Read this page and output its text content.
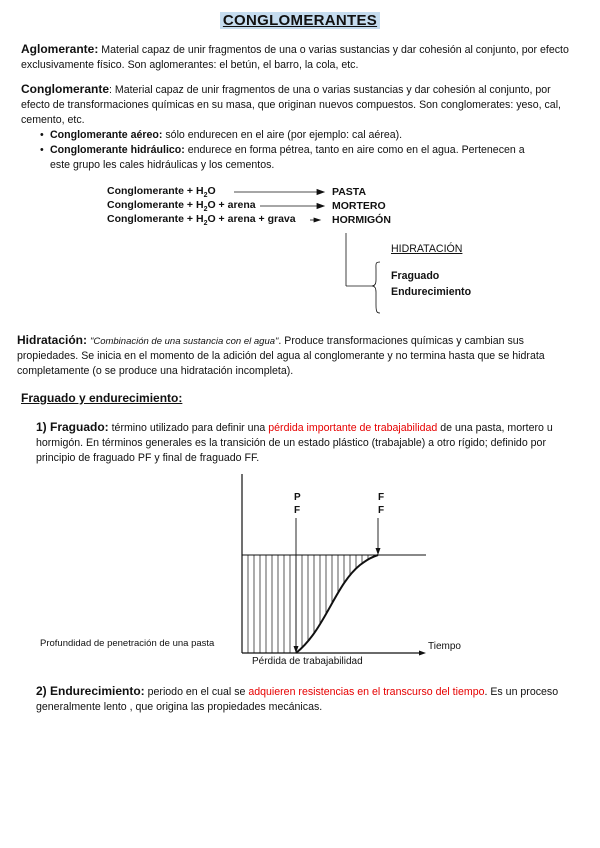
CONGLOMERANTES
Aglomerante: Material capaz de unir fragmentos de una o varias sustancias y dar cohesión al conjunto, por efecto exclusivamente físico. Son aglomerantes: el betún, el barro, la cola, etc.
Conglomerante: Material capaz de unir fragmentos de una o varias sustancias y dar cohesión al conjunto, por efecto de transformaciones químicas en su masa, que originan nuevos compuestos. Son conglomerates: yeso, cal, cemento, etc.
• Conglomerante aéreo: sólo endurecen en el aire (por ejemplo: cal aérea).
• Conglomerante hidráulico: endurece en forma pétrea, tanto en aire como en el agua. Pertenecen a
este grupo les cales hidráulicas y los cementos.
Conglomerante + $H_2O$
Conglomerante + $H_2O$ + arena
Conglomerante + $H_2O$ + arena + grava
PASTA
MORTERO
HORMIGÓN
HIDRATACIÓN
Fraguado
Endurecimiento
Hidratación: "Combinación de una sustancia con el agua". Produce transformaciones químicas y cambian sus propiedades. Se inicia en el momento de la adición del agua al conglomerante y no termina hasta que se hidrata completamente (o se produce una hidratación incompleta).
Fraguado y endurecimiento:
1) Fraguado: término utilizado para definir una pérdida importante de trabajabilidad de una pasta, mortero u hormigón. En términos generales es la transición de un estado plástico (trabajable) a otro rígido; definido por principio de fraguado PF y final de fraguado FF.
P
F
F
F
Profundidad de penetración de una pasta	Tiempo
Pérdida de trabajabilidad
2) Endurecimiento: periodo en el cual se adquieren resistencias en el transcurso del tiempo. Es un proceso generalmente lento , que origina las propiedades mecánicas.
